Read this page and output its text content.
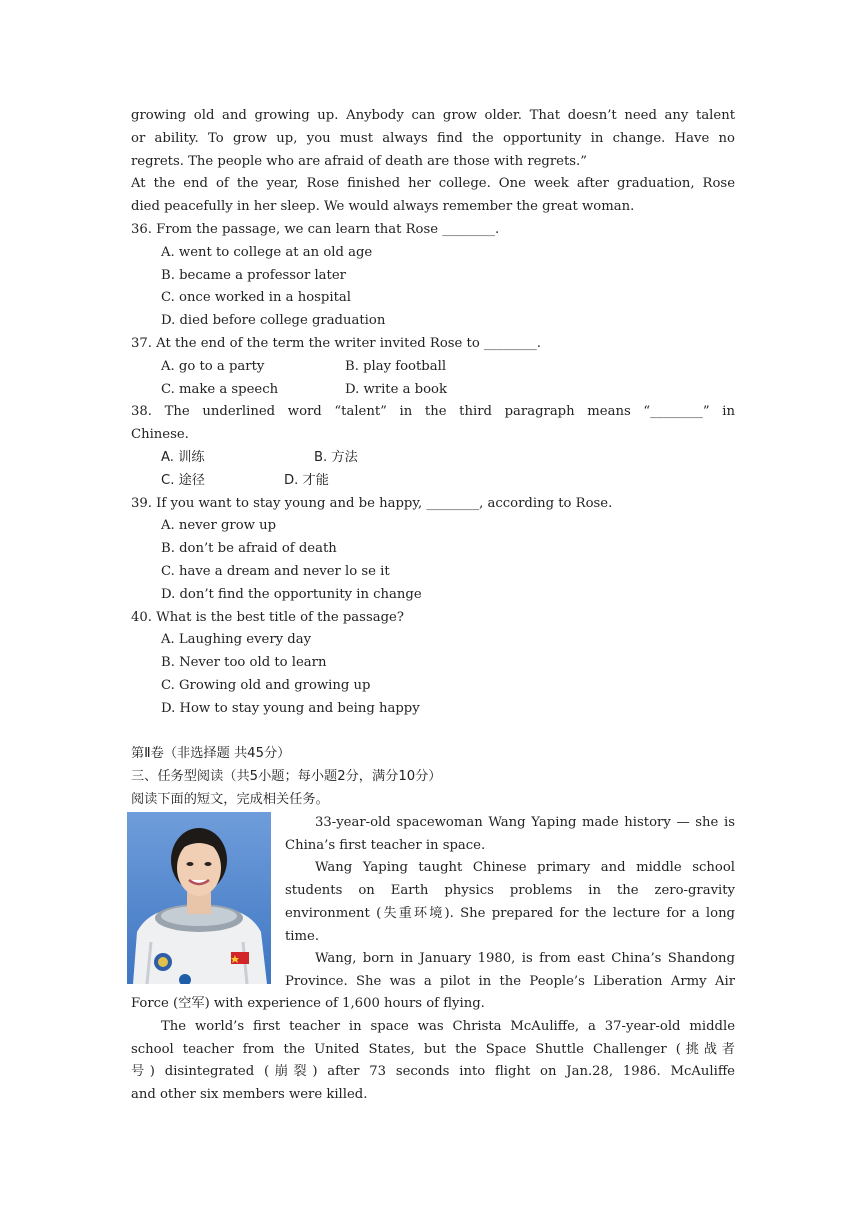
growing old and growing up. Anybody can grow older. That doesn’t need any talent
or ability. To grow up, you must always find the opportunity in change. Have no
regrets. The people who are afraid of death are those with regrets.”
At the end of the year, Rose finished her college. One week after graduation, Rose
died peacefully in her sleep. We would always remember the great woman.
36. From the passage, we can learn that Rose ________.
A. went to college at an old age
B. became a professor later
C. once worked in a hospital
D. died before college graduation
37. At the end of the term the writer invited Rose to ________.
A. go to a party	B. play football
C. make a speech	D. write a book
38. The underlined word “talent” in the third paragraph means “________” in
Chinese.
A. 训练	B. 方法
C. 途径	D. 才能
39. If you want to stay young and be happy, ________, according to Rose.
A. never grow up
B. don’t be afraid of death
C. have a dream and never lo se it
D. don’t find the opportunity in change
40. What is the best title of the passage?
A. Laughing every day
B. Never too old to learn
C. Growing old and growing up
D. How to stay young and being happy
第Ⅱ卷（非选择题 共45分）
三、任务型阅读（共5小题；每小题2分，满分10分）
阅读下面的短文，完成相关任务。
33-year-old spacewoman Wang Yaping made history — she is
China’s first teacher in space.
Wang Yaping taught Chinese primary and middle school
students on Earth physics problems in the zero-gravity
environment (失重环境). She prepared for the lecture for a long
time.
Wang, born in January 1980, is from east China’s Shandong
Province. She was a pilot in the People’s Liberation Army Air
Force (空军) with experience of 1,600 hours of flying.
The world’s first teacher in space was Christa McAuliffe, a 37-year-old middle
school teacher from the United States, but the Space Shuttle Challenger (挑战者
号) disintegrated (崩裂) after 73 seconds into flight on Jan.28, 1986. McAuliffe
and other six members were killed.
